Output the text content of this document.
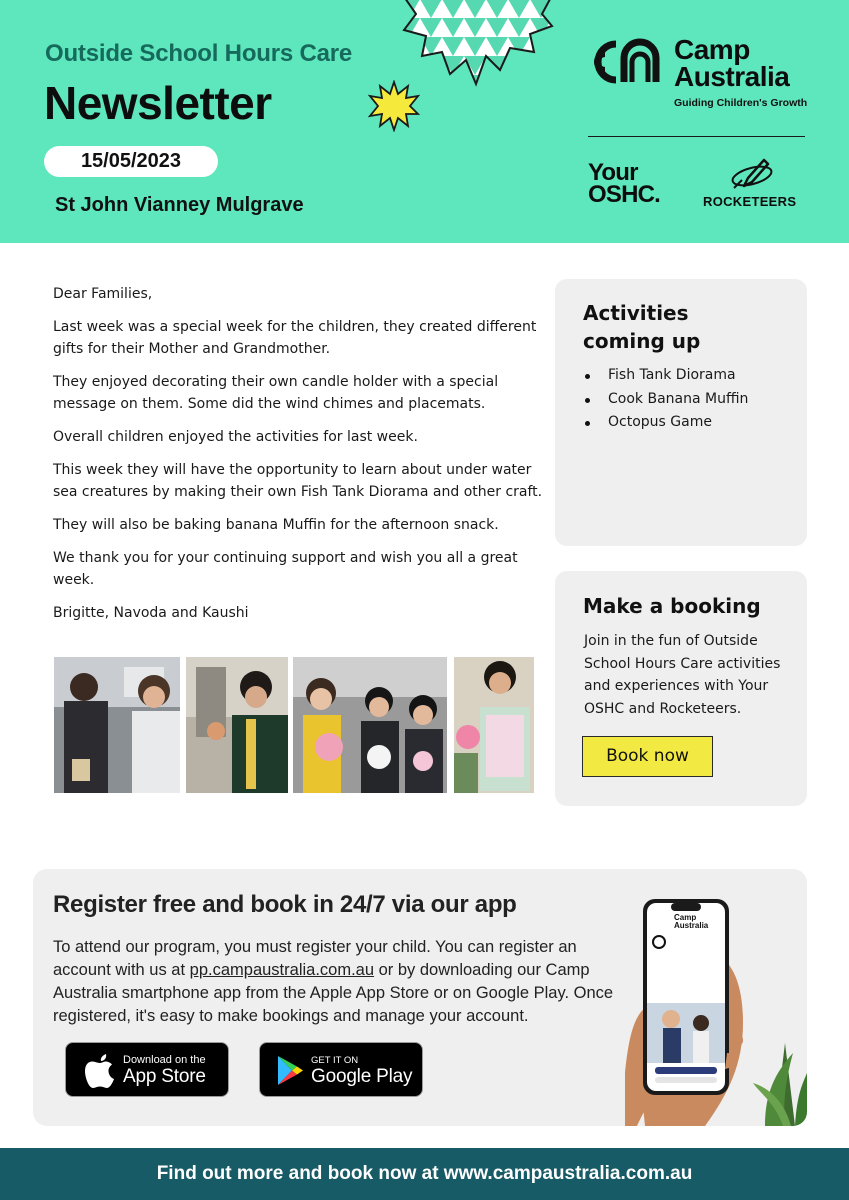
Outside School Hours Care
Newsletter
15/05/2023
St John Vianney Mulgrave
Camp
Australia
Guiding Children's Growth
Your
OSHC.	ROCKETEERS

Dear Families,

Last week was a special week for the children, they created different gifts for their Mother and Grandmother.

They enjoyed decorating their own candle holder with a special message on them. Some did the wind chimes and placemats.

Overall children enjoyed the activities for last week.

This week they will have the opportunity to learn about under water sea creatures by making their own Fish Tank Diorama and other craft.

They will also be baking banana Muffin for the afternoon snack.

We thank you for your continuing support and wish you all a great week.

Brigitte, Navoda and Kaushi

Activities
coming up
Fish Tank Diorama
Cook Banana Muffin
Octopus Game
Make a booking
Join in the fun of Outside School Hours Care activities and experiences with Your OSHC and Rocketeers.
Book now
Register free and book in 24/7 via our app
To attend our program, you must register your child. You can register an account with us at pp.campaustralia.com.au or by downloading our Camp Australia smartphone app from the Apple App Store or on Google Play. Once registered, it's easy to make bookings and manage your account.
Download on the
App Store
GET IT ON
Google Play
Camp
Australia
Find out more and book now at www.campaustralia.com.au
